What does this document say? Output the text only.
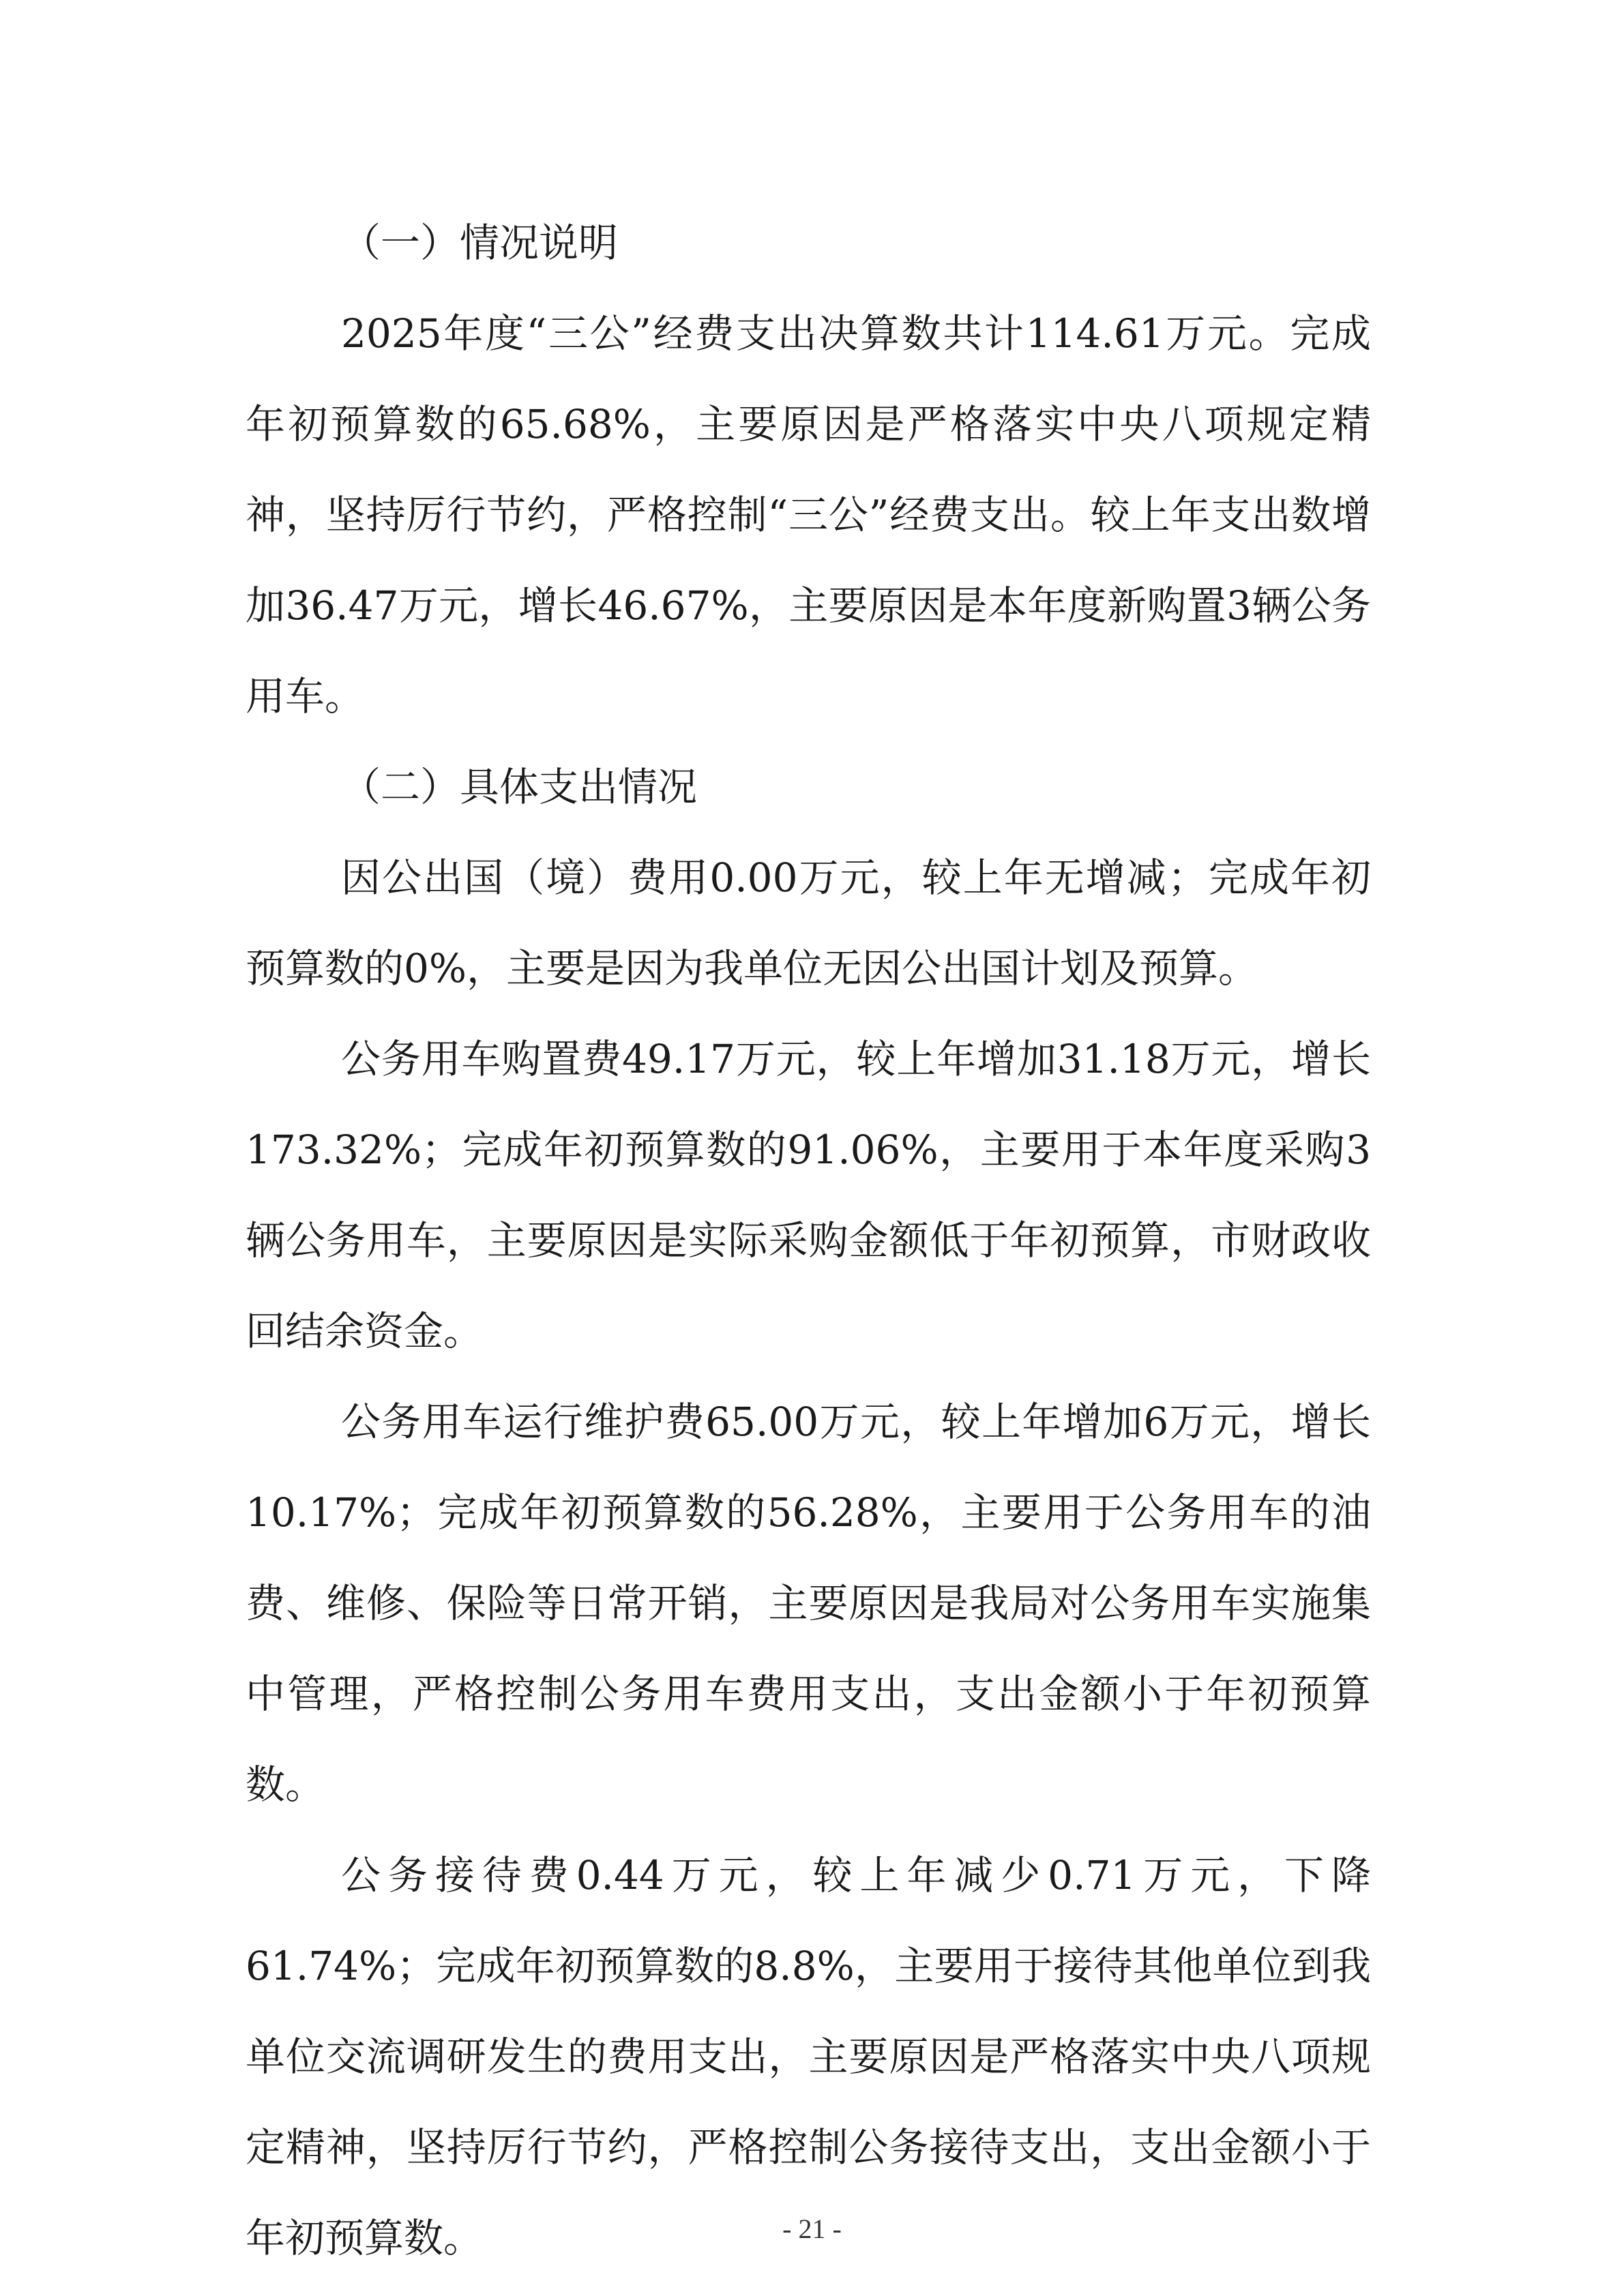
（一）情况说明

2025年度“三公”经费支出决算数共计114.61万元。完成年初预算数的65.68%，主要原因是严格落实中央八项规定精神，坚持厉行节约，严格控制“三公”经费支出。较上年支出数增加36.47万元，增长46.67%，主要原因是本年度新购置3辆公务用车。

（二）具体支出情况

因公出国（境）费用0.00万元，较上年无增减；完成年初预算数的0%，主要是因为我单位无因公出国计划及预算。

公务用车购置费49.17万元，较上年增加31.18万元，增长173.32%；完成年初预算数的91.06%，主要用于本年度采购3辆公务用车，主要原因是实际采购金额低于年初预算，市财政收回结余资金。

公务用车运行维护费65.00万元，较上年增加6万元，增长10.17%；完成年初预算数的56.28%，主要用于公务用车的油费、维修、保险等日常开销，主要原因是我局对公务用车实施集中管理，严格控制公务用车费用支出，支出金额小于年初预算数。

公务接待费0.44万元，较上年减少0.71万元，下降61.74%；完成年初预算数的8.8%，主要用于接待其他单位到我单位交流调研发生的费用支出，主要原因是严格落实中央八项规定精神，坚持厉行节约，严格控制公务接待支出，支出金额小于年初预算数。	- 21 -
